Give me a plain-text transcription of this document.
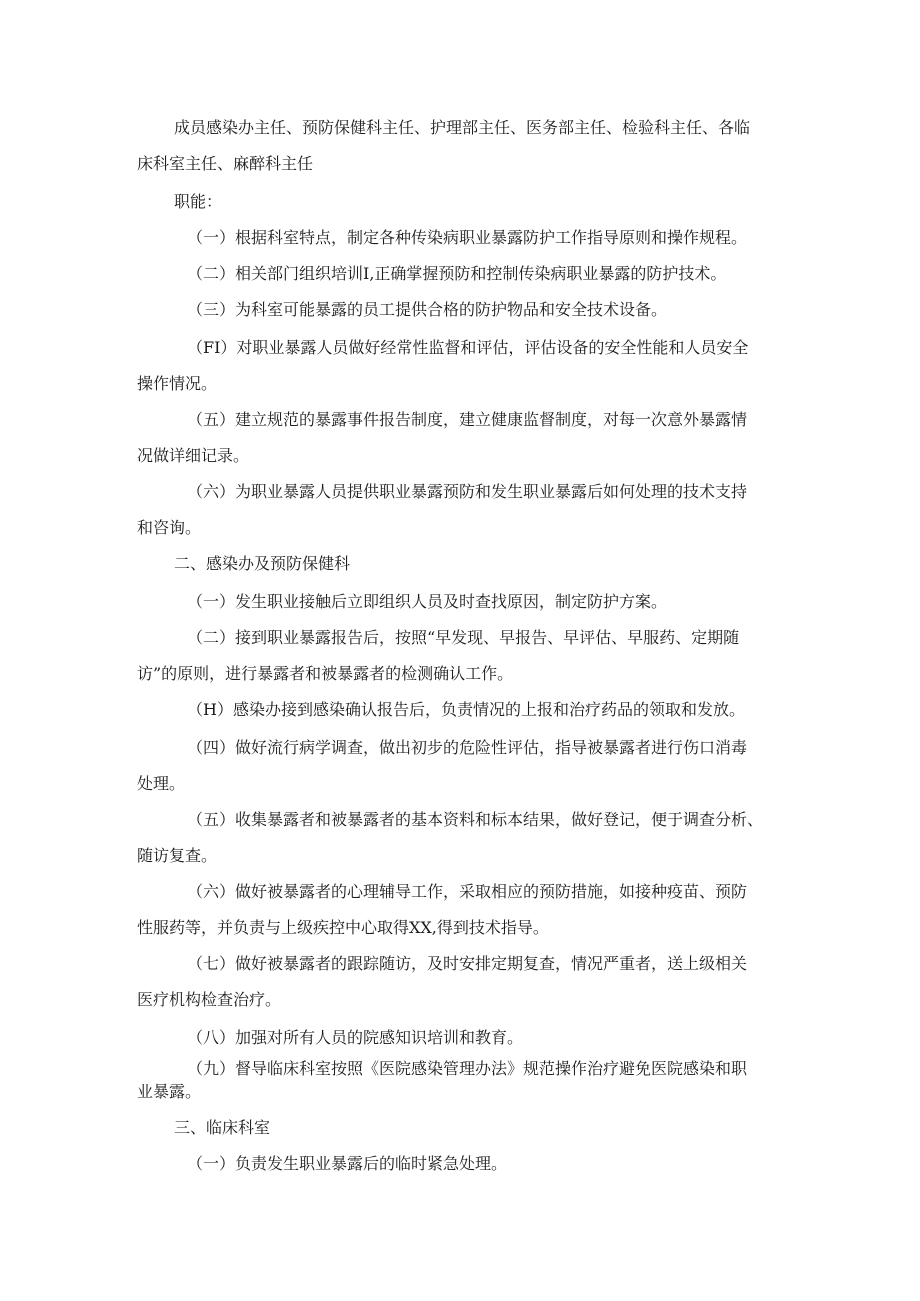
成员感染办主任、预防保健科主任、护理部主任、医务部主任、检验科主任、各临
床科室主任、麻醉科主任

职能：

（一）根据科室特点，制定各种传染病职业暴露防护工作指导原则和操作规程。

（二）相关部门组织培训I,正确掌握预防和控制传染病职业暴露的防护技术。

（三）为科室可能暴露的员工提供合格的防护物品和安全技术设备。

（FI）对职业暴露人员做好经常性监督和评估，评估设备的安全性能和人员安全
操作情况。

（五）建立规范的暴露事件报告制度，建立健康监督制度，对每一次意外暴露情
况做详细记录。

（六）为职业暴露人员提供职业暴露预防和发生职业暴露后如何处理的技术支持
和咨询。

二、感染办及预防保健科

（一）发生职业接触后立即组织人员及时查找原因，制定防护方案。

（二）接到职业暴露报告后，按照“早发现、早报告、早评估、早服药、定期随
访”的原则，进行暴露者和被暴露者的检测确认工作。

（H）感染办接到感染确认报告后，负责情况的上报和治疗药品的领取和发放。

（四）做好流行病学调查，做出初步的危险性评估，指导被暴露者进行伤口消毒
处理。

（五）收集暴露者和被暴露者的基本资料和标本结果，做好登记，便于调查分析、
随访复查。

（六）做好被暴露者的心理辅导工作，采取相应的预防措施，如接种疫苗、预防
性服药等，并负责与上级疾控中心取得XX,得到技术指导。

（七）做好被暴露者的跟踪随访，及时安排定期复查，情况严重者，送上级相关
医疗机构检查治疗。

（八）加强对所有人员的院感知识培训和教育。

（九）督导临床科室按照《医院感染管理办法》规范操作治疗避免医院感染和职
业暴露。

三、临床科室

（一）负责发生职业暴露后的临时紧急处理。
